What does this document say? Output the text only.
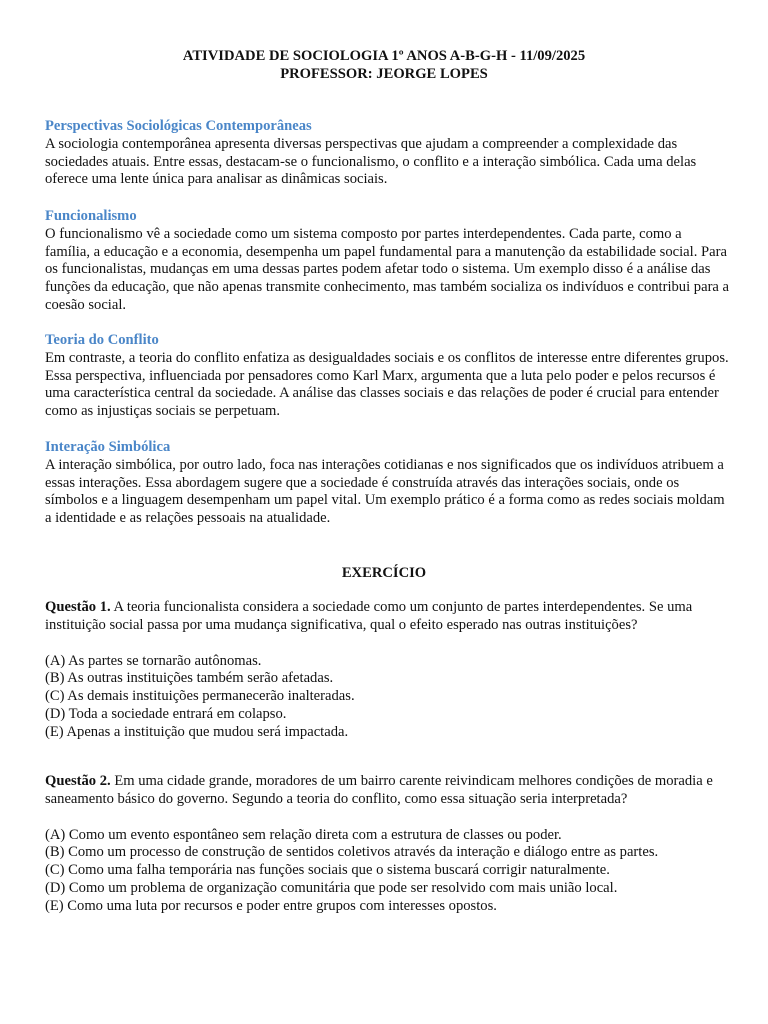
ATIVIDADE DE SOCIOLOGIA 1º ANOS A-B-G-H - 11/09/2025
PROFESSOR: JEORGE LOPES

Perspectivas Sociológicas Contemporâneas

A sociologia contemporânea apresenta diversas perspectivas que ajudam a compreender a complexidade das sociedades atuais. Entre essas, destacam-se o funcionalismo, o conflito e a interação simbólica. Cada uma delas oferece uma lente única para analisar as dinâmicas sociais.

Funcionalismo

O funcionalismo vê a sociedade como um sistema composto por partes interdependentes. Cada parte, como a família, a educação e a economia, desempenha um papel fundamental para a manutenção da estabilidade social. Para os funcionalistas, mudanças em uma dessas partes podem afetar todo o sistema. Um exemplo disso é a análise das funções da educação, que não apenas transmite conhecimento, mas também socializa os indivíduos e contribui para a coesão social.

Teoria do Conflito

Em contraste, a teoria do conflito enfatiza as desigualdades sociais e os conflitos de interesse entre diferentes grupos. Essa perspectiva, influenciada por pensadores como Karl Marx, argumenta que a luta pelo poder e pelos recursos é uma característica central da sociedade. A análise das classes sociais e das relações de poder é crucial para entender como as injustiças sociais se perpetuam.

Interação Simbólica

A interação simbólica, por outro lado, foca nas interações cotidianas e nos significados que os indivíduos atribuem a essas interações. Essa abordagem sugere que a sociedade é construída através das interações sociais, onde os símbolos e a linguagem desempenham um papel vital. Um exemplo prático é a forma como as redes sociais moldam a identidade e as relações pessoais na atualidade.

EXERCÍCIO

Questão 1. A teoria funcionalista considera a sociedade como um conjunto de partes interdependentes. Se uma instituição social passa por uma mudança significativa, qual o efeito esperado nas outras instituições?

(A) As partes se tornarão autônomas.
(B) As outras instituições também serão afetadas.
(C) As demais instituições permanecerão inalteradas.
(D) Toda a sociedade entrará em colapso.
(E) Apenas a instituição que mudou será impactada.

Questão 2. Em uma cidade grande, moradores de um bairro carente reivindicam melhores condições de moradia e saneamento básico do governo. Segundo a teoria do conflito, como essa situação seria interpretada?

(A) Como um evento espontâneo sem relação direta com a estrutura de classes ou poder.
(B) Como um processo de construção de sentidos coletivos através da interação e diálogo entre as partes.
(C) Como uma falha temporária nas funções sociais que o sistema buscará corrigir naturalmente.
(D) Como um problema de organização comunitária que pode ser resolvido com mais união local.
(E) Como uma luta por recursos e poder entre grupos com interesses opostos.
